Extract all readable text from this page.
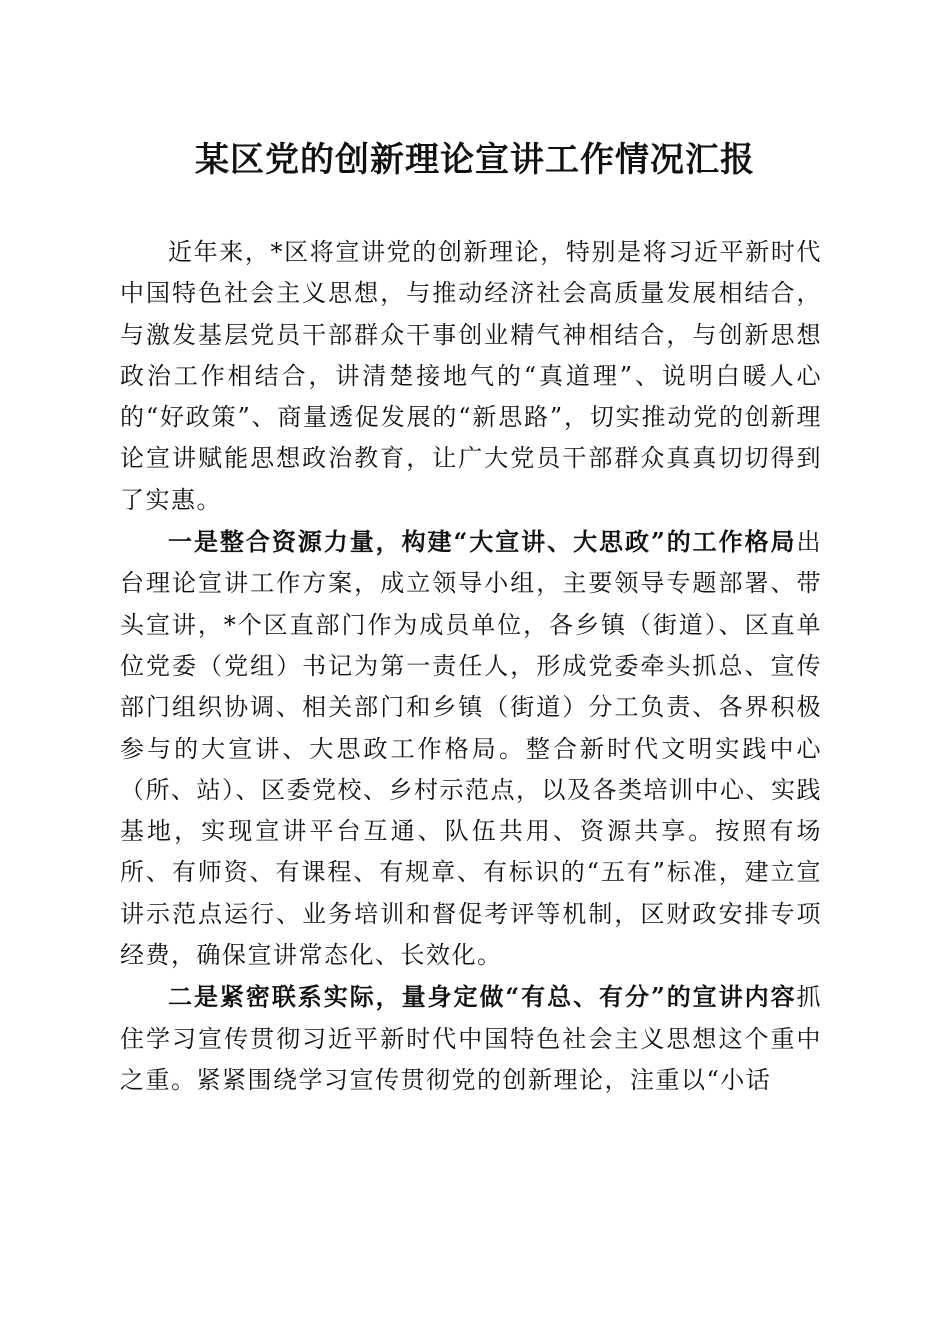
某区党的创新理论宣讲工作情况汇报

近年来，*区将宣讲党的创新理论，特别是将习近平新时代中国特色社会主义思想，与推动经济社会高质量发展相结合，与激发基层党员干部群众干事创业精气神相结合，与创新思想政治工作相结合，讲清楚接地气的“真道理”、说明白暖人心的“好政策”、商量透促发展的“新思路”，切实推动党的创新理论宣讲赋能思想政治教育，让广大党员干部群众真真切切得到了实惠。

一是整合资源力量，构建“大宣讲、大思政”的工作格局出台理论宣讲工作方案，成立领导小组，主要领导专题部署、带头宣讲，*个区直部门作为成员单位，各乡镇（街道）、区直单位党委（党组）书记为第一责任人，形成党委牵头抓总、宣传部门组织协调、相关部门和乡镇（街道）分工负责、各界积极参与的大宣讲、大思政工作格局。整合新时代文明实践中心（所、站）、区委党校、乡村示范点，以及各类培训中心、实践基地，实现宣讲平台互通、队伍共用、资源共享。按照有场所、有师资、有课程、有规章、有标识的“五有”标准，建立宣讲示范点运行、业务培训和督促考评等机制，区财政安排专项经费，确保宣讲常态化、长效化。

二是紧密联系实际，量身定做“有总、有分”的宣讲内容抓住学习宣传贯彻习近平新时代中国特色社会主义思想这个重中之重。紧紧围绕学习宣传贯彻党的创新理论，注重以“小话
